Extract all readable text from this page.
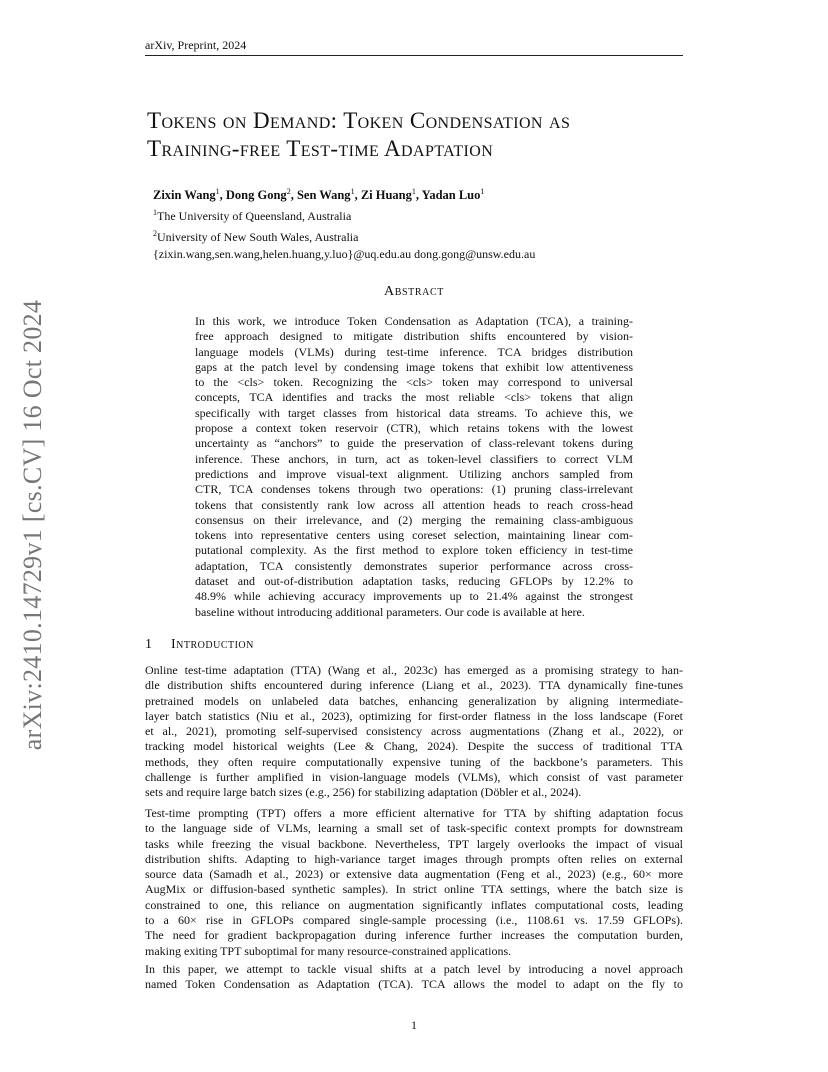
arXiv, Preprint, 2024
arXiv:2410.14729v1 [cs.CV] 16 Oct 2024
Tokens on Demand: Token Condensation as
Training-free Test-time Adaptation
Zixin Wang$^1$, Dong Gong$^2$, Sen Wang$^1$, Zi Huang$^1$, Yadan Luo$^1$
$^1$The University of Queensland, Australia
$^2$University of New South Wales, Australia
{zixin.wang,sen.wang,helen.huang,y.luo}@uq.edu.au dong.gong@unsw.edu.au
Abstract
In this work, we introduce Token Condensation as Adaptation (TCA), a training-
free approach designed to mitigate distribution shifts encountered by vision-
language models (VLMs) during test-time inference. TCA bridges distribution
gaps at the patch level by condensing image tokens that exhibit low attentiveness
to the <cls> token. Recognizing the <cls> token may correspond to universal
concepts, TCA identifies and tracks the most reliable <cls> tokens that align
specifically with target classes from historical data streams. To achieve this, we
propose a context token reservoir (CTR), which retains tokens with the lowest
uncertainty as “anchors” to guide the preservation of class-relevant tokens during
inference. These anchors, in turn, act as token-level classifiers to correct VLM
predictions and improve visual-text alignment. Utilizing anchors sampled from
CTR, TCA condenses tokens through two operations: (1) pruning class-irrelevant
tokens that consistently rank low across all attention heads to reach cross-head
consensus on their irrelevance, and (2) merging the remaining class-ambiguous
tokens into representative centers using coreset selection, maintaining linear com-
putational complexity. As the first method to explore token efficiency in test-time
adaptation, TCA consistently demonstrates superior performance across cross-
dataset and out-of-distribution adaptation tasks, reducing GFLOPs by 12.2% to
48.9% while achieving accuracy improvements up to 21.4% against the strongest
baseline without introducing additional parameters. Our code is available at here.
1 Introduction
Online test-time adaptation (TTA) (Wang et al., 2023c) has emerged as a promising strategy to han-
dle distribution shifts encountered during inference (Liang et al., 2023). TTA dynamically fine-tunes
pretrained models on unlabeled data batches, enhancing generalization by aligning intermediate-
layer batch statistics (Niu et al., 2023), optimizing for first-order flatness in the loss landscape (Foret
et al., 2021), promoting self-supervised consistency across augmentations (Zhang et al., 2022), or
tracking model historical weights (Lee & Chang, 2024). Despite the success of traditional TTA
methods, they often require computationally expensive tuning of the backbone’s parameters. This
challenge is further amplified in vision-language models (VLMs), which consist of vast parameter
sets and require large batch sizes (e.g., 256) for stabilizing adaptation (Döbler et al., 2024).
Test-time prompting (TPT) offers a more efficient alternative for TTA by shifting adaptation focus
to the language side of VLMs, learning a small set of task-specific context prompts for downstream
tasks while freezing the visual backbone. Nevertheless, TPT largely overlooks the impact of visual
distribution shifts. Adapting to high-variance target images through prompts often relies on external
source data (Samadh et al., 2023) or extensive data augmentation (Feng et al., 2023) (e.g., 60× more
AugMix or diffusion-based synthetic samples). In strict online TTA settings, where the batch size is
constrained to one, this reliance on augmentation significantly inflates computational costs, leading
to a 60× rise in GFLOPs compared single-sample processing (i.e., 1108.61 vs. 17.59 GFLOPs).
The need for gradient backpropagation during inference further increases the computation burden,
making exiting TPT suboptimal for many resource-constrained applications.
In this paper, we attempt to tackle visual shifts at a patch level by introducing a novel approach
named Token Condensation as Adaptation (TCA). TCA allows the model to adapt on the fly to
1
